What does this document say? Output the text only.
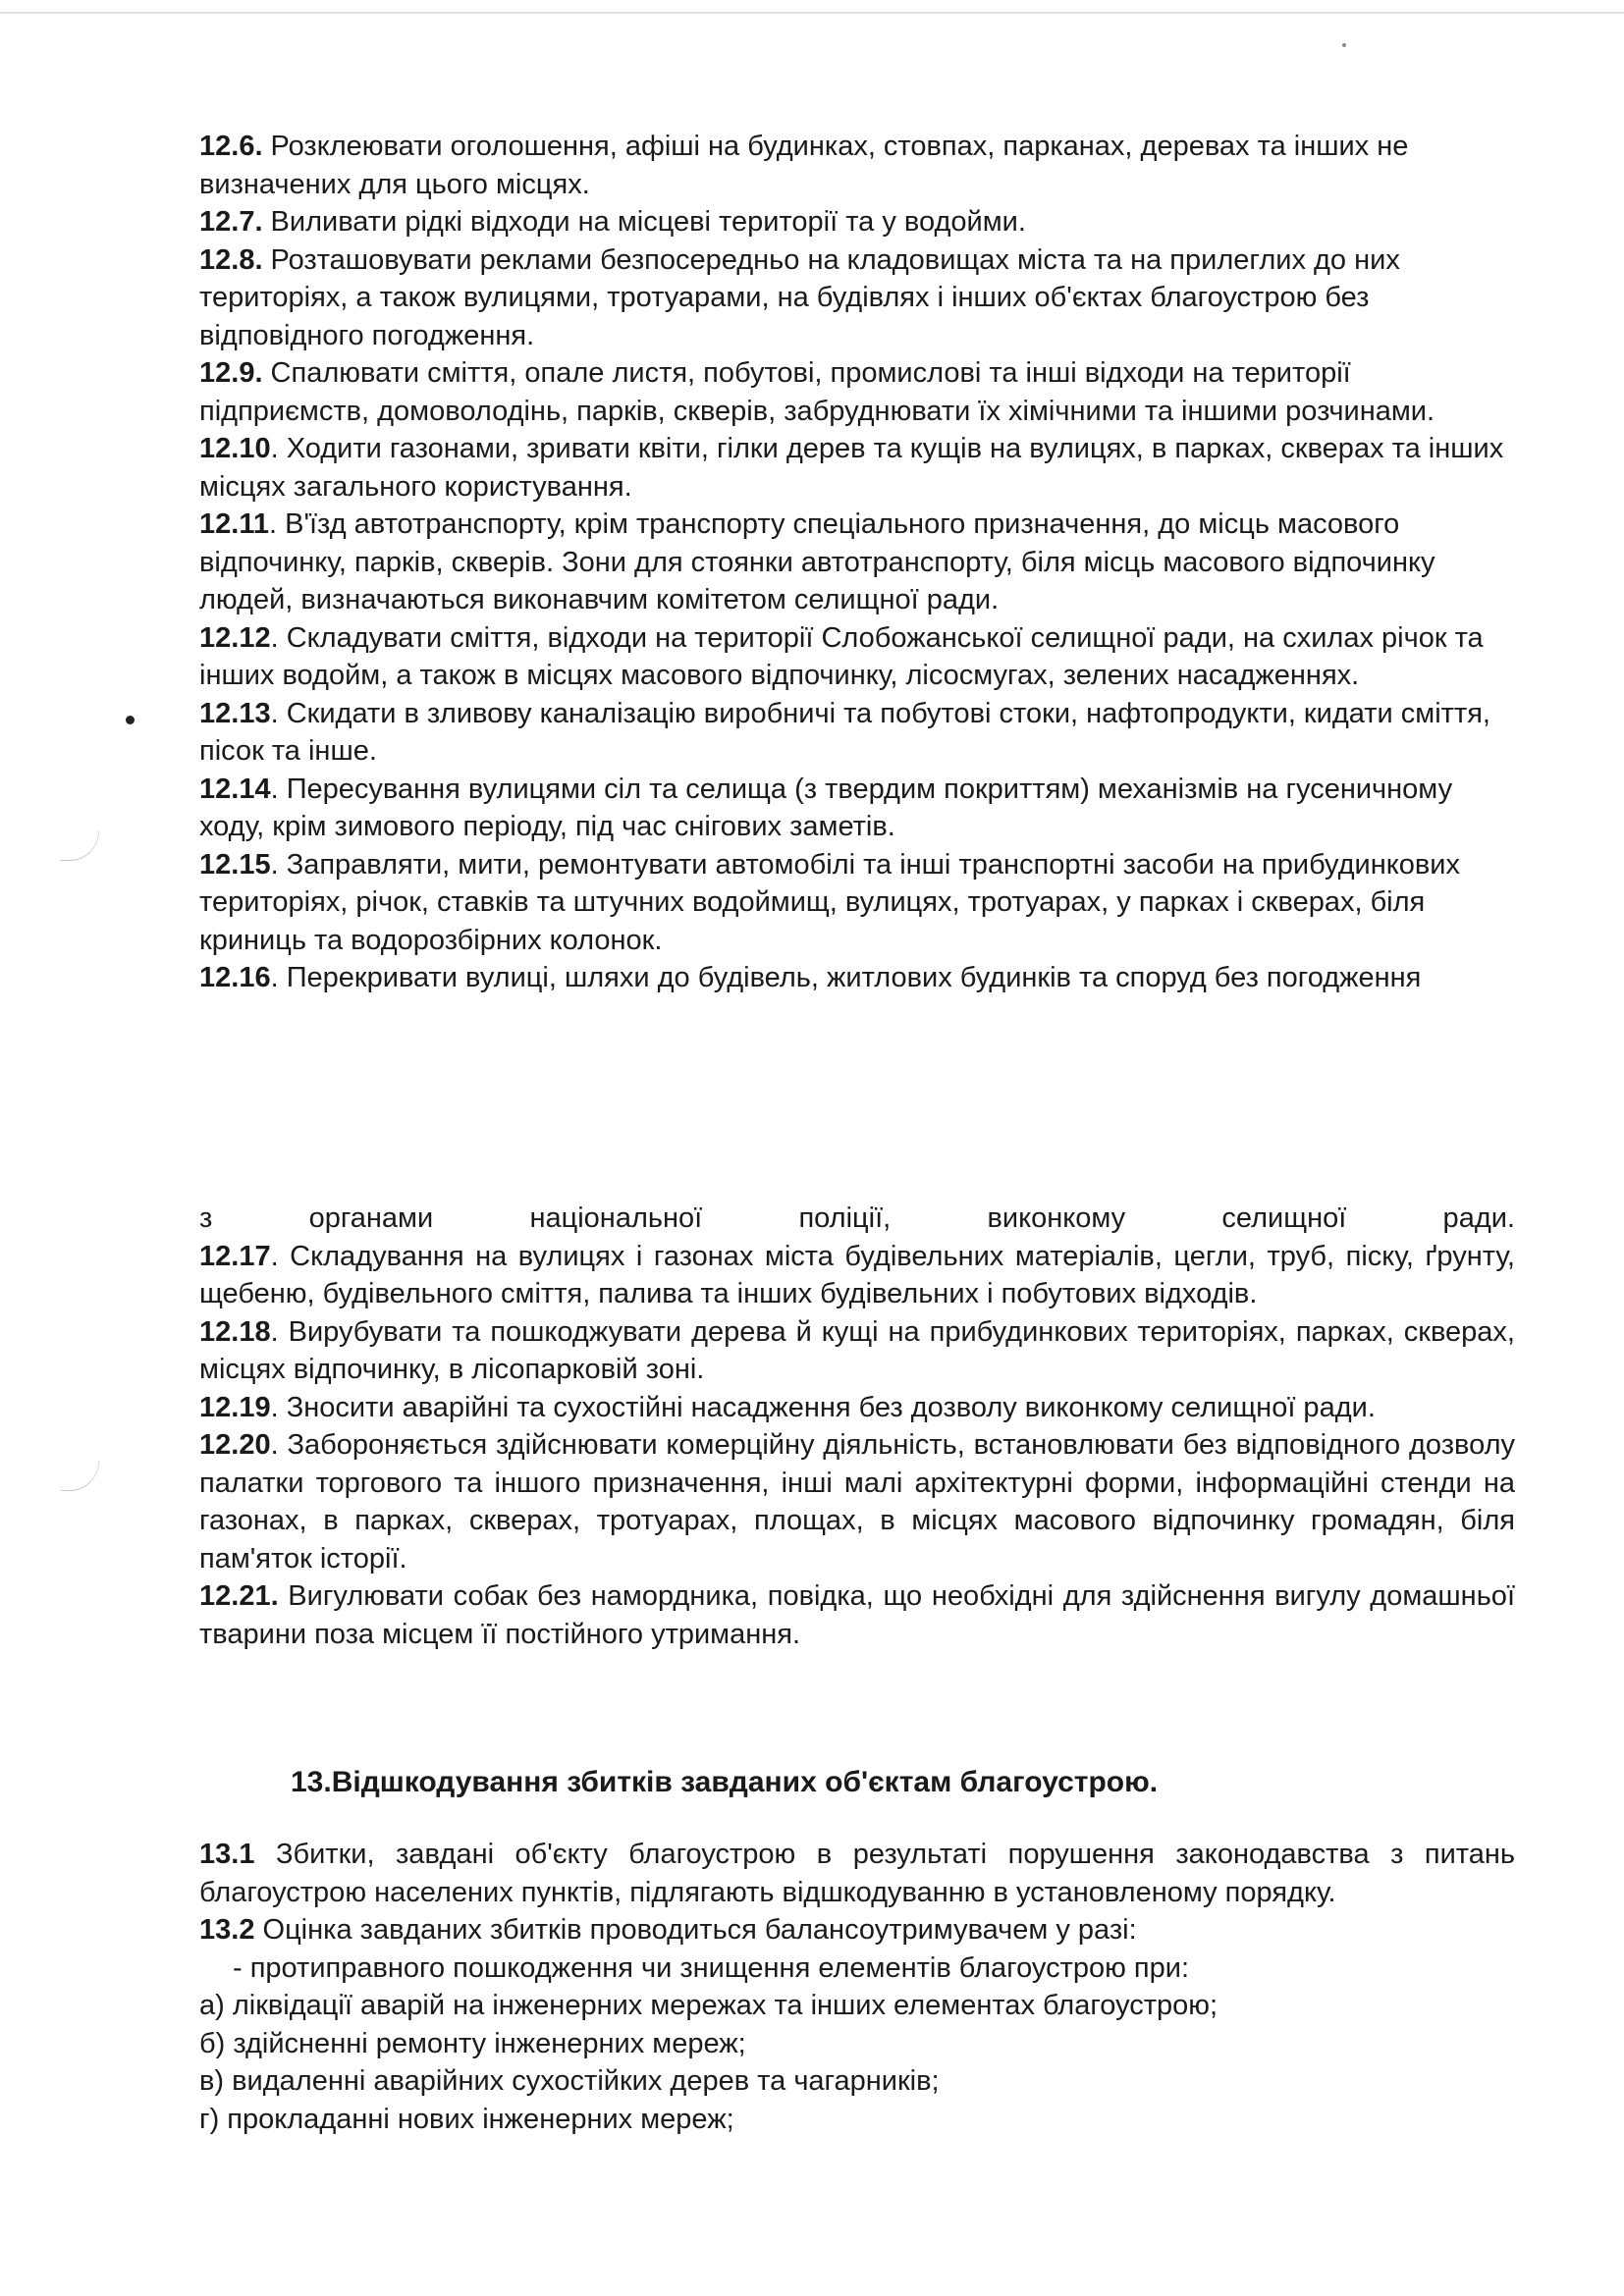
12.6. Розклеювати оголошення, афіші на будинках, стовпах, парканах, деревах та інших не визначених для цього місцях.

12.7. Виливати рідкі відходи на місцеві території та у водойми.

12.8. Розташовувати реклами безпосередньо на кладовищах міста та на прилеглих до них територіях, а також вулицями, тротуарами, на будівлях і інших об'єктах благоустрою без відповідного погодження.

12.9. Спалювати сміття, опале листя, побутові, промислові та інші відходи на території підприємств, домоволодінь, парків, скверів, забруднювати їх хімічними та іншими розчинами.

12.10. Ходити газонами, зривати квіти, гілки дерев та кущів на вулицях, в парках, скверах та інших місцях загального користування.

12.11. В'їзд автотранспорту, крім транспорту спеціального призначення, до місць масового відпочинку, парків, скверів. Зони для стоянки автотранспорту, біля місць масового відпочинку людей, визначаються виконавчим комітетом селищної ради.

12.12. Складувати сміття, відходи на території Слобожанської селищної ради, на схилах річок та інших водойм, а також в місцях масового відпочинку, лісосмугах, зелених насадженнях.

12.13. Скидати в зливову каналізацію виробничі та побутові стоки, нафтопродукти, кидати сміття, пісок та інше.

12.14. Пересування вулицями сіл та селища (з твердим покриттям) механізмів на гусеничному ходу, крім зимового періоду, під час снігових заметів.

12.15. Заправляти, мити, ремонтувати автомобілі та інші транспортні засоби на прибудинкових територіях, річок, ставків та штучних водоймищ, вулицях, тротуарах, у парках і скверах, біля криниць та водорозбірних колонок.

12.16. Перекривати вулиці, шляхи до будівель, житлових будинків та споруд без погодження

з органами національної поліції, виконкому селищної ради.

12.17. Складування на вулицях і газонах міста будівельних матеріалів, цегли, труб, піску, ґрунту, щебеню, будівельного сміття, палива та інших будівельних і побутових відходів.

12.18. Вирубувати та пошкоджувати дерева й кущі на прибудинкових територіях, парках, скверах, місцях відпочинку, в лісопарковій зоні.

12.19. Зносити аварійні та сухостійні насадження без дозволу виконкому селищної ради.

12.20. Забороняється здійснювати комерційну діяльність, встановлювати без відповідного дозволу палатки торгового та іншого призначення, інші малі архітектурні форми, інформаційні стенди на газонах, в парках, скверах, тротуарах, площах, в місцях масового відпочинку громадян, біля пам'яток історії.

12.21. Вигулювати собак без намордника, повідка, що необхідні для здійснення вигулу домашньої тварини поза місцем її постійного утримання.

13.Відшкодування збитків завданих об'єктам благоустрою.

13.1 Збитки, завдані об'єкту благоустрою в результаті порушення законодавства з питань благоустрою населених пунктів, підлягають відшкодуванню в установленому порядку.

13.2 Оцінка завданих збитків проводиться балансоутримувачем у разі:

- протиправного пошкодження чи знищення елементів благоустрою при:

а) ліквідації аварій на інженерних мережах та інших елементах благоустрою;

б) здійсненні ремонту інженерних мереж;

в) видаленні аварійних сухостійких дерев та чагарників;

г) прокладанні нових інженерних мереж;
